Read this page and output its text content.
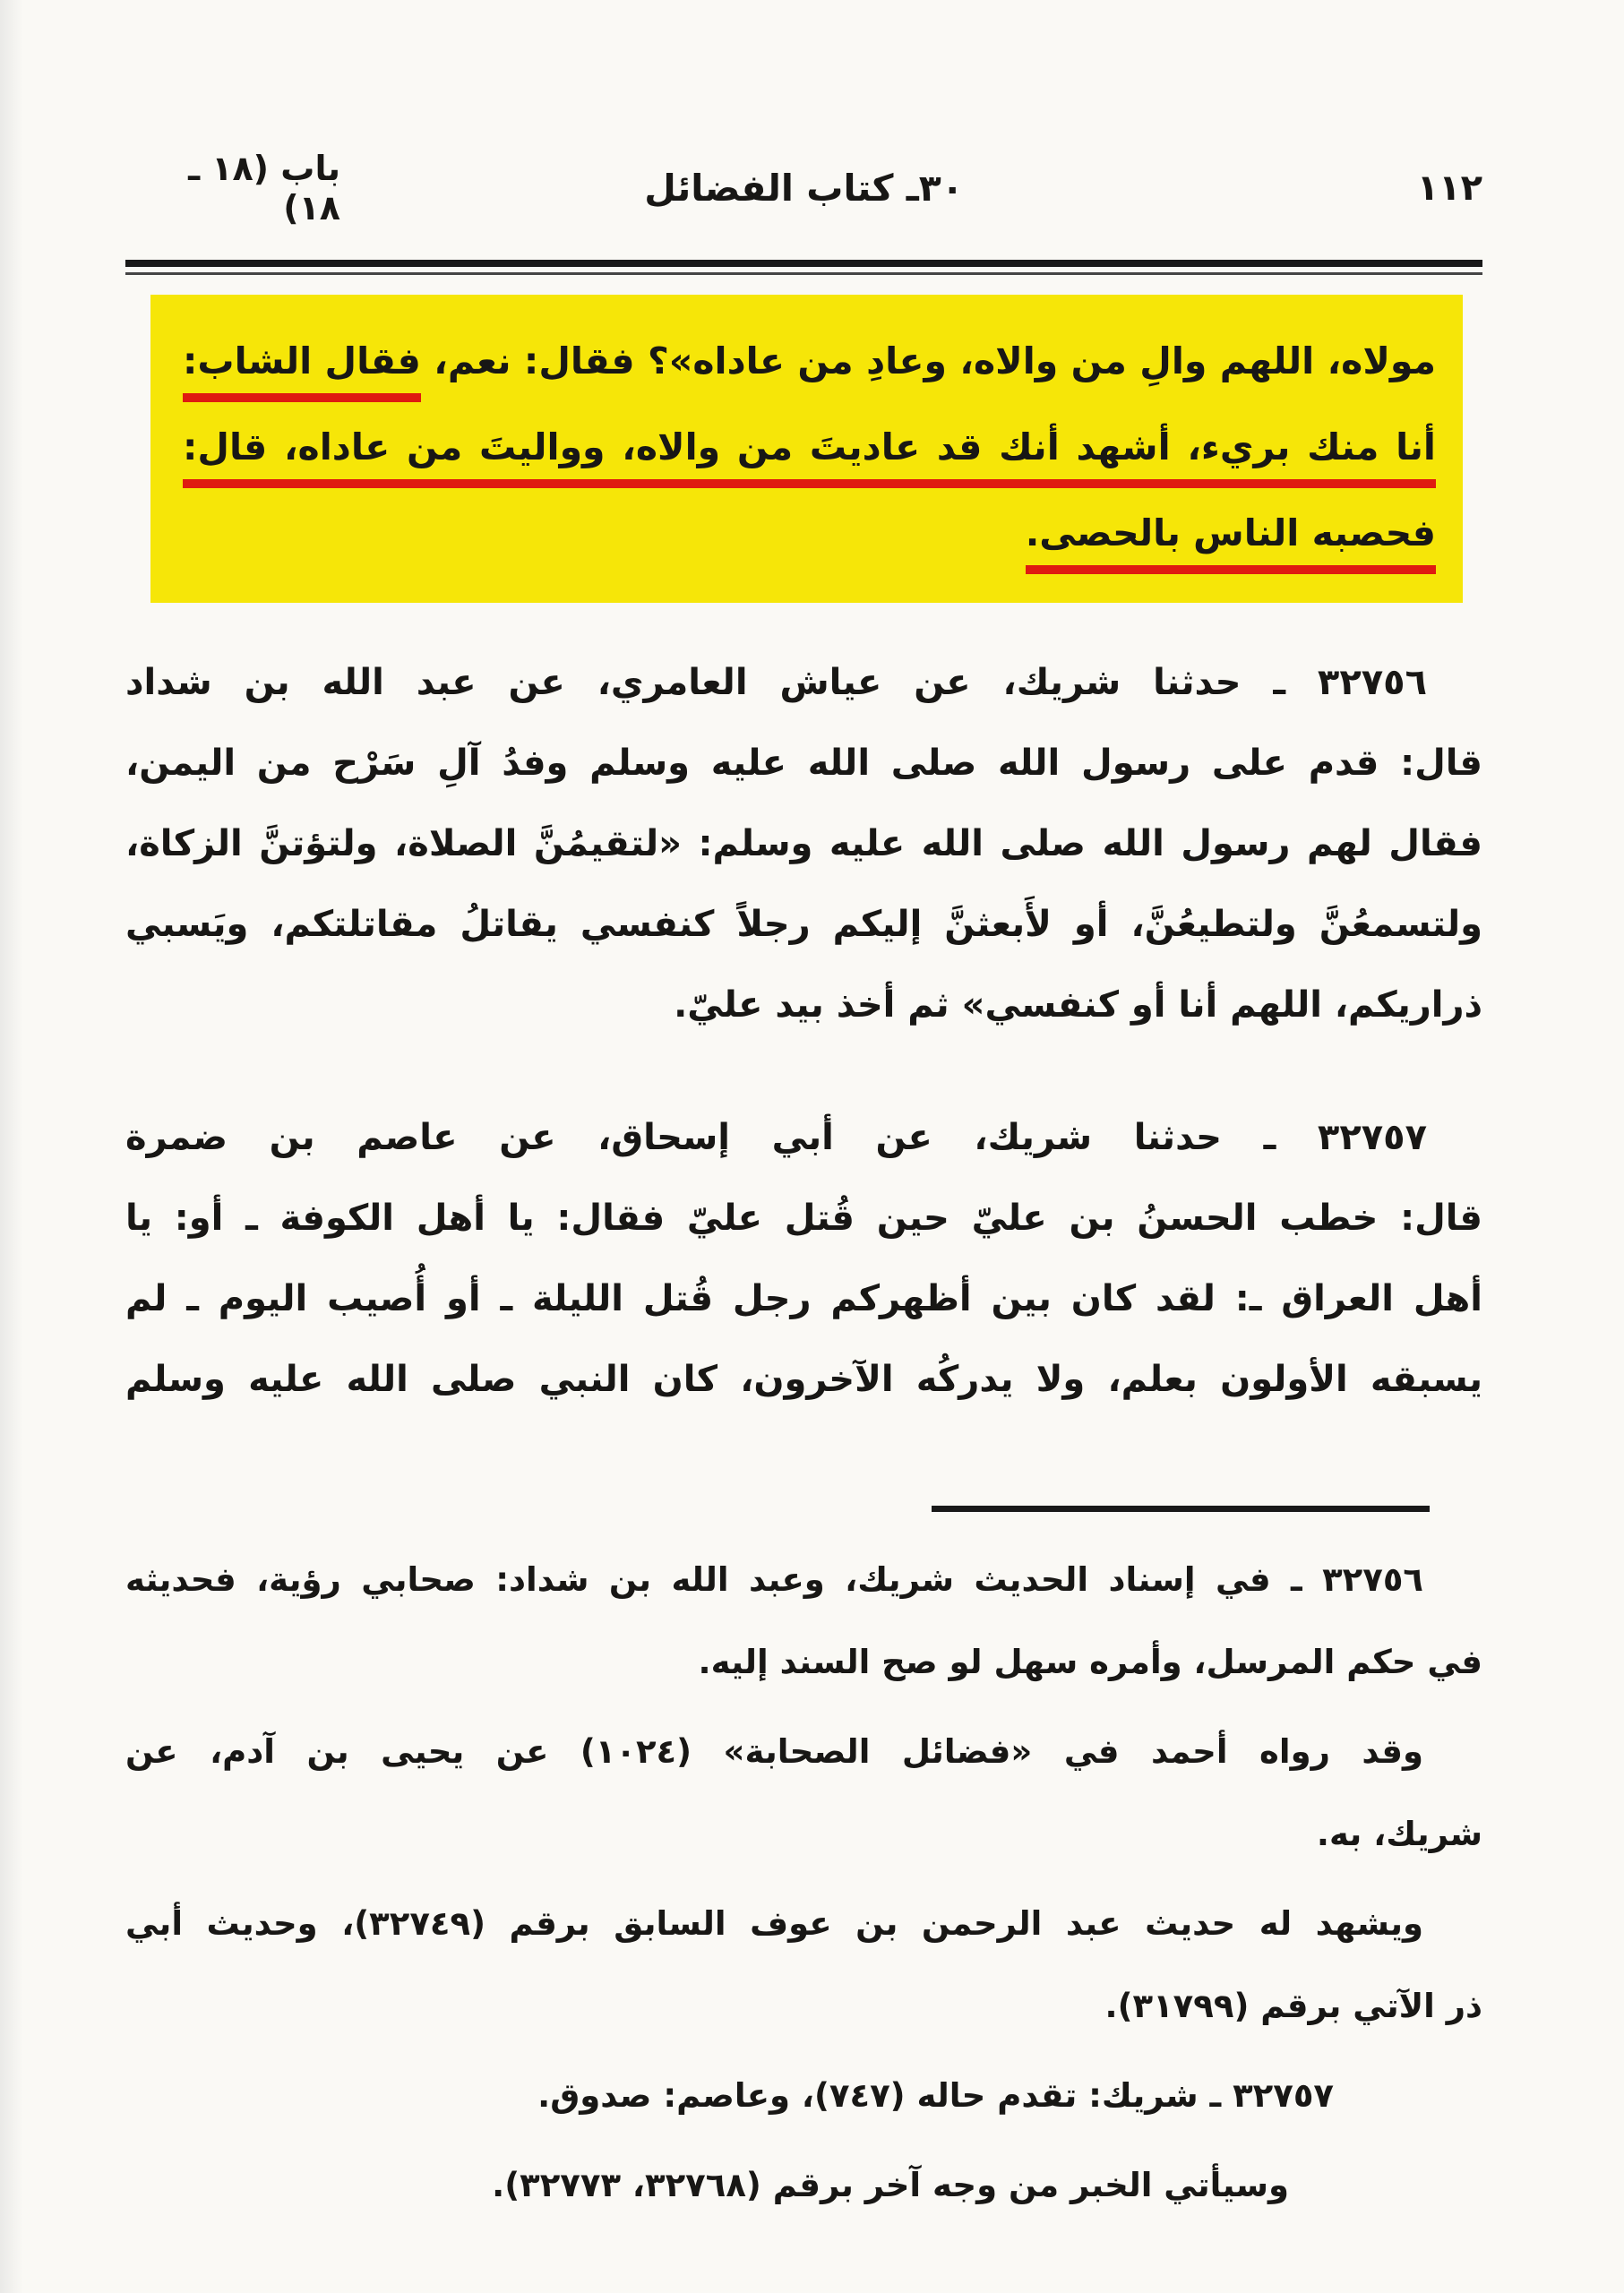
١١٢
٣٠ـ كتاب الفضائل
باب (١٨ ـ ١٨)
مولاه، اللهم والِ من والاه، وعادِ من عاداه»؟ فقال: نعم، فقال الشاب:
أنا منك بريء، أشهد أنك قد عاديتَ من والاه، وواليتَ من عاداه، قال:
فحصبه الناس بالحصى.
٣٢٧٥٦ ـ حدثنا شريك، عن عياش العامري، عن عبد الله بن شداد
قال: قدم على رسول الله صلى الله عليه وسلم وفدُ آلِ سَرْح من اليمن،
فقال لهم رسول الله صلى الله عليه وسلم: «لتقيمُنَّ الصلاة، ولتؤتنَّ الزكاة،
ولتسمعُنَّ ولتطيعُنَّ، أو لأَبعثنَّ إليكم رجلاً كنفسي يقاتلُ مقاتلتكم، ويَسبي
ذراريكم، اللهم أنا أو كنفسي» ثم أخذ بيد عليّ.
٣٢٧٥٧ ـ حدثنا شريك، عن أبي إسحاق، عن عاصم بن ضمرة
قال: خطب الحسنُ بن عليّ حين قُتل عليّ فقال: يا أهل الكوفة ـ أو: يا
أهل العراق ـ: لقد كان بين أظهركم رجل قُتل الليلة ـ أو أُصيب اليوم ـ لم
يسبقه الأولون بعلم، ولا يدركُه الآخرون، كان النبي صلى الله عليه وسلم
٣٢٧٥٦ ـ في إسناد الحديث شريك، وعبد الله بن شداد: صحابي رؤية، فحديثه
في حكم المرسل، وأمره سهل لو صح السند إليه.
وقد رواه أحمد في «فضائل الصحابة» (١٠٢٤) عن يحيى بن آدم، عن
شريك، به.
ويشهد له حديث عبد الرحمن بن عوف السابق برقم (٣٢٧٤٩)، وحديث أبي
ذر الآتي برقم (٣١٧٩٩).
٣٢٧٥٧ ـ شريك: تقدم حاله (٧٤٧)، وعاصم: صدوق.
وسيأتي الخبر من وجه آخر برقم (٣٢٧٦٨، ٣٢٧٧٣).
